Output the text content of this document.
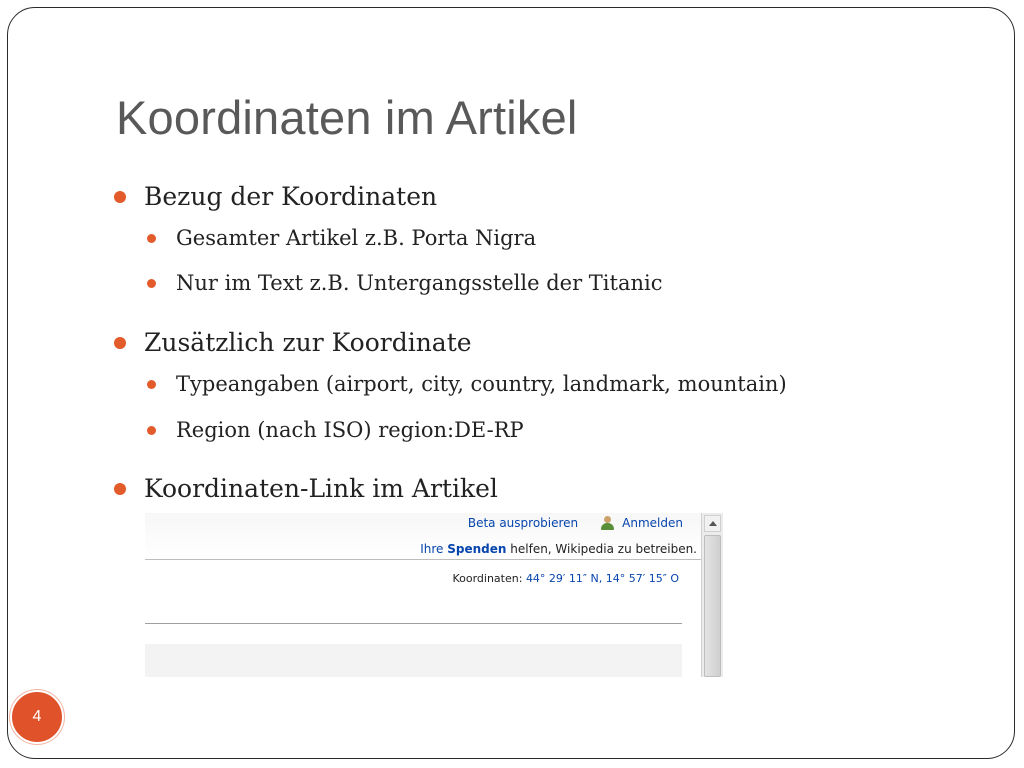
Koordinaten im Artikel
Bezug der Koordinaten
Gesamter Artikel z.B. Porta Nigra
Nur im Text z.B. Untergangsstelle der Titanic
Zusätzlich zur Koordinate
Typeangaben (airport, city, country, landmark, mountain)
Region (nach ISO) region:DE-RP
Koordinaten-Link im Artikel
Beta ausprobieren	Anmelden
Ihre Spenden helfen, Wikipedia zu betreiben.
Koordinaten: 44° 29′ 11″ N, 14° 57′ 15″ O
4
